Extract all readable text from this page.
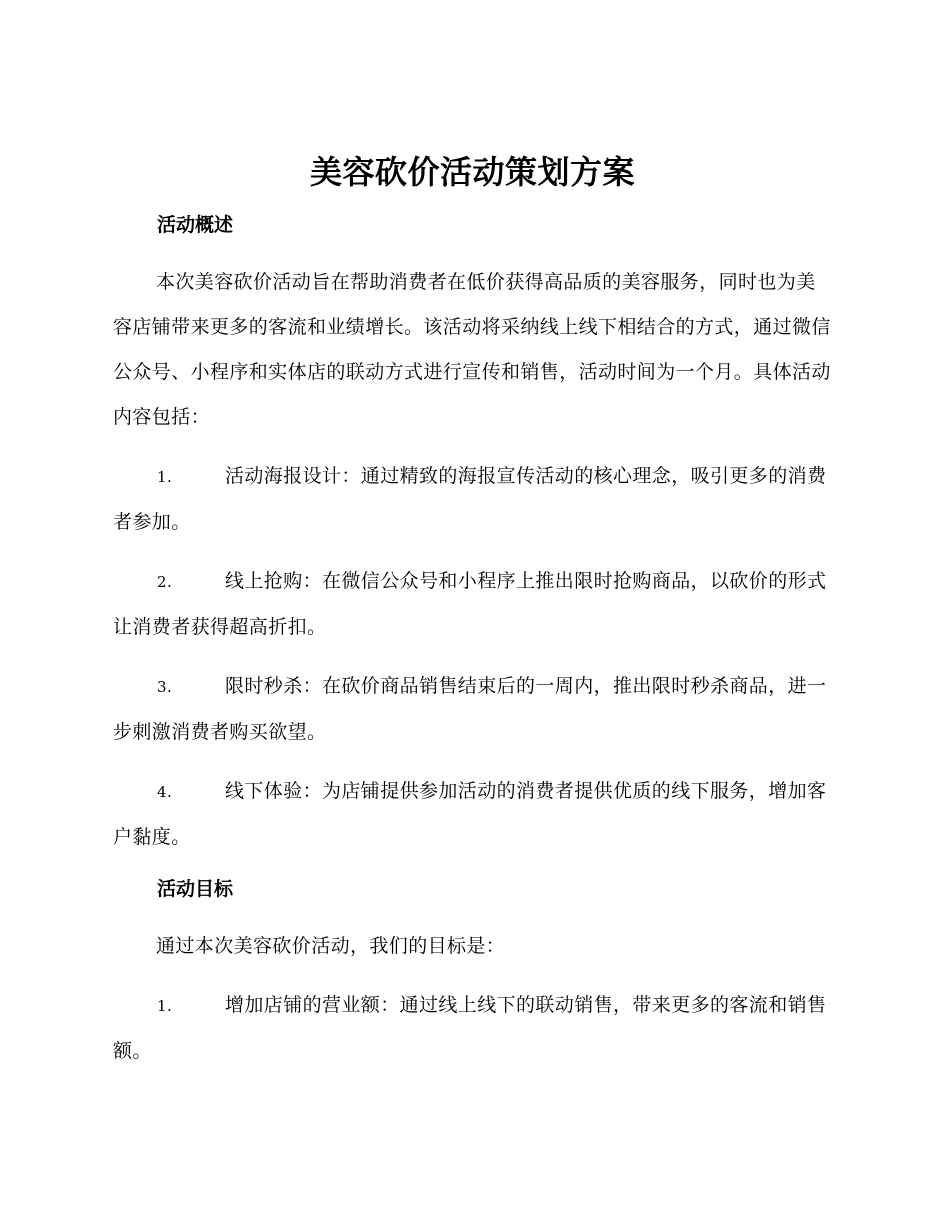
美容砍价活动策划方案
活动概述

本次美容砍价活动旨在帮助消费者在低价获得高品质的美容服务，同时也为美容店铺带来更多的客流和业绩增长。该活动将采纳线上线下相结合的方式，通过微信公众号、小程序和实体店的联动方式进行宣传和销售，活动时间为一个月。具体活动内容包括：

1.	活动海报设计：通过精致的海报宣传活动的核心理念，吸引更多的消费者参加。

2.	线上抢购：在微信公众号和小程序上推出限时抢购商品，以砍价的形式让消费者获得超高折扣。

3.	限时秒杀：在砍价商品销售结束后的一周内，推出限时秒杀商品，进一步刺激消费者购买欲望。

4.	线下体验：为店铺提供参加活动的消费者提供优质的线下服务，增加客户黏度。

活动目标

通过本次美容砍价活动，我们的目标是：

1.	增加店铺的营业额：通过线上线下的联动销售，带来更多的客流和销售额。
